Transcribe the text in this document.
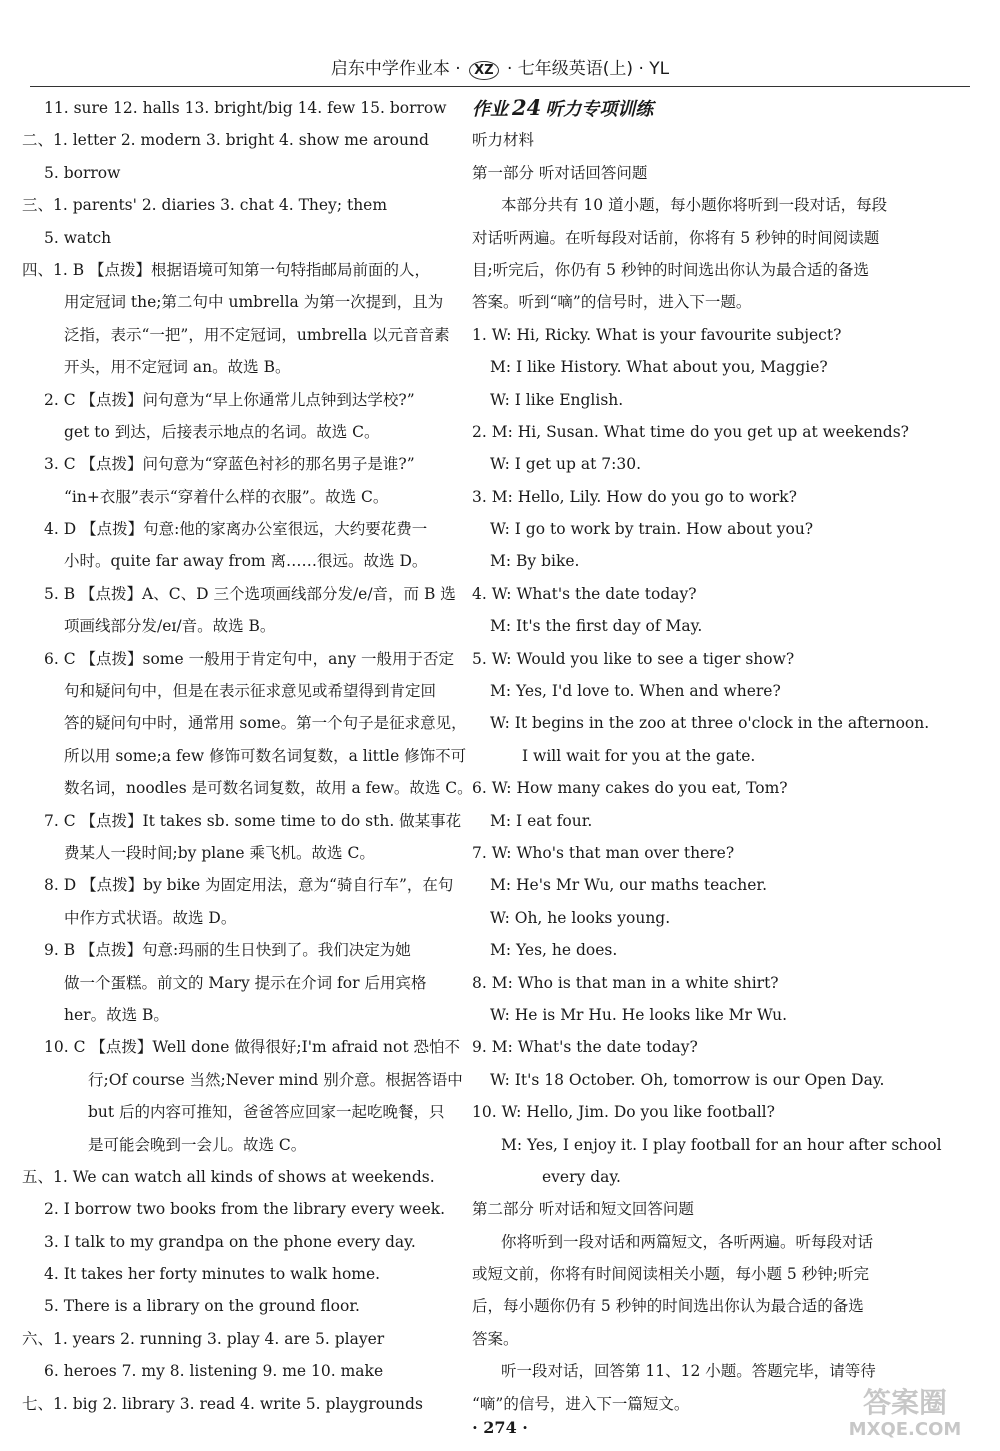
启东中学作业本 · XZ · 七年级英语(上) · YL
11. sure 12. halls 13. bright/big 14. few 15. borrow
二、1. letter 2. modern 3. bright 4. show me around
5. borrow
三、1. parents' 2. diaries 3. chat 4. They; them
5. watch
四、1. B 【点拨】根据语境可知第一句特指邮局前面的人，
用定冠词 the;第二句中 umbrella 为第一次提到，且为
泛指，表示“一把”，用不定冠词，umbrella 以元音音素
开头，用不定冠词 an。故选 B。
2. C 【点拨】问句意为“早上你通常儿点钟到达学校?”
get to 到达，后接表示地点的名词。故选 C。
3. C 【点拨】问句意为“穿蓝色衬衫的那名男子是谁?”
“in+衣服”表示“穿着什么样的衣服”。故选 C。
4. D 【点拨】句意:他的家离办公室很远，大约要花费一
小时。quite far away from 离……很远。故选 D。
5. B 【点拨】A、C、D 三个选项画线部分发/e/音，而 B 选
项画线部分发/eɪ/音。故选 B。
6. C 【点拨】some 一般用于肯定句中，any 一般用于否定
句和疑问句中，但是在表示征求意见或希望得到肯定回
答的疑问句中时，通常用 some。第一个句子是征求意见，
所以用 some;a few 修饰可数名词复数，a little 修饰不可
数名词，noodles 是可数名词复数，故用 a few。故选 C。
7. C 【点拨】It takes sb. some time to do sth. 做某事花
费某人一段时间;by plane 乘飞机。故选 C。
8. D 【点拨】by bike 为固定用法，意为“骑自行车”，在句
中作方式状语。故选 D。
9. B 【点拨】句意:玛丽的生日快到了。我们决定为她
做一个蛋糕。前文的 Mary 提示在介词 for 后用宾格
her。故选 B。
10. C 【点拨】Well done 做得很好;I'm afraid not 恐怕不
行;Of course 当然;Never mind 别介意。根据答语中
but 后的内容可推知，爸爸答应回家一起吃晚餐，只
是可能会晚到一会儿。故选 C。
五、1. We can watch all kinds of shows at weekends.
2. I borrow two books from the library every week.
3. I talk to my grandpa on the phone every day.
4. It takes her forty minutes to walk home.
5. There is a library on the ground floor.
六、1. years 2. running 3. play 4. are 5. player
6. heroes 7. my 8. listening 9. me 10. make
七、1. big 2. library 3. read 4. write 5. playgrounds
作业 24 听力专项训练
听力材料
第一部分 听对话回答问题
本部分共有 10 道小题，每小题你将听到一段对话，每段
对话听两遍。在听每段对话前，你将有 5 秒钟的时间阅读题
目;听完后，你仍有 5 秒钟的时间选出你认为最合适的备选
答案。听到“嘀”的信号时，进入下一题。
1. W: Hi, Ricky. What is your favourite subject?
M: I like History. What about you, Maggie?
W: I like English.
2. M: Hi, Susan. What time do you get up at weekends?
W: I get up at 7:30.
3. M: Hello, Lily. How do you go to work?
W: I go to work by train. How about you?
M: By bike.
4. W: What's the date today?
M: It's the first day of May.
5. W: Would you like to see a tiger show?
M: Yes, I'd love to. When and where?
W: It begins in the zoo at three o'clock in the afternoon.
I will wait for you at the gate.
6. W: How many cakes do you eat, Tom?
M: I eat four.
7. W: Who's that man over there?
M: He's Mr Wu, our maths teacher.
W: Oh, he looks young.
M: Yes, he does.
8. M: Who is that man in a white shirt?
W: He is Mr Hu. He looks like Mr Wu.
9. M: What's the date today?
W: It's 18 October. Oh, tomorrow is our Open Day.
10. W: Hello, Jim. Do you like football?
M: Yes, I enjoy it. I play football for an hour after school
every day.
第二部分 听对话和短文回答问题
你将听到一段对话和两篇短文，各听两遍。听每段对话
或短文前，你将有时间阅读相关小题，每小题 5 秒钟;听完
后，每小题你仍有 5 秒钟的时间选出你认为最合适的备选
答案。
听一段对话，回答第 11、12 小题。答题完毕，请等待
“嘀”的信号，进入下一篇短文。
· 274 ·
答案圈
MXQE.COM
